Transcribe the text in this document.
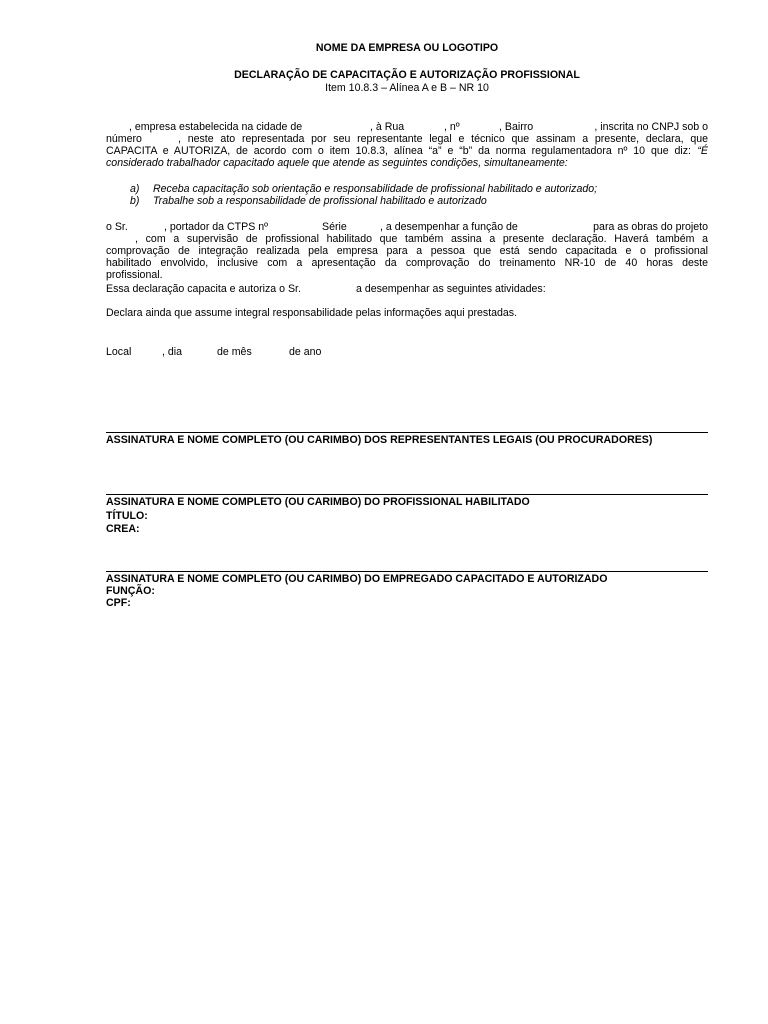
NOME DA EMPRESA OU LOGOTIPO
DECLARAÇÃO DE CAPACITAÇÃO E AUTORIZAÇÃO PROFISSIONAL
Item 10.8.3 – Alínea A e B – NR 10
, empresa estabelecida na cidade de	, à Rua	, nº	, Bairro	, inscrita no CNPJ sob o
número	, neste ato representada por seu representante legal e técnico que assinam a presente, declara, que
CAPACITA e AUTORIZA, de acordo com o item 10.8.3, alínea “a” e “b” da norma regulamentadora nº 10 que diz: “É
considerado trabalhador capacitado aquele que atende as seguintes condições, simultaneamente:
a) Receba capacitação sob orientação e responsabilidade de profissional habilitado e autorizado;
b) Trabalhe sob a responsabilidade de profissional habilitado e autorizado
o Sr.	, portador da CTPS nº	Série	, a desempenhar a função de	para as obras do projeto
, com a supervisão de profissional habilitado que também assina a presente declaração. Haverá também a
comprovação de integração realizada pela empresa para a pessoa que está sendo capacitada e o profissional
habilitado envolvido, inclusive com a apresentação da comprovação do treinamento NR-10 de 40 horas deste
profissional.
Essa declaração capacita e autoriza o Sr.	a desempenhar as seguintes atividades:
Declara ainda que assume integral responsabilidade pelas informações aqui prestadas.
Local	, dia	de mês	de ano
ASSINATURA E NOME COMPLETO (OU CARIMBO) DOS REPRESENTANTES LEGAIS (OU PROCURADORES)
ASSINATURA E NOME COMPLETO (OU CARIMBO) DO PROFISSIONAL HABILITADO
TÍTULO:
CREA:
ASSINATURA E NOME COMPLETO (OU CARIMBO) DO EMPREGADO CAPACITADO E AUTORIZADO
FUNÇÃO:
CPF:
